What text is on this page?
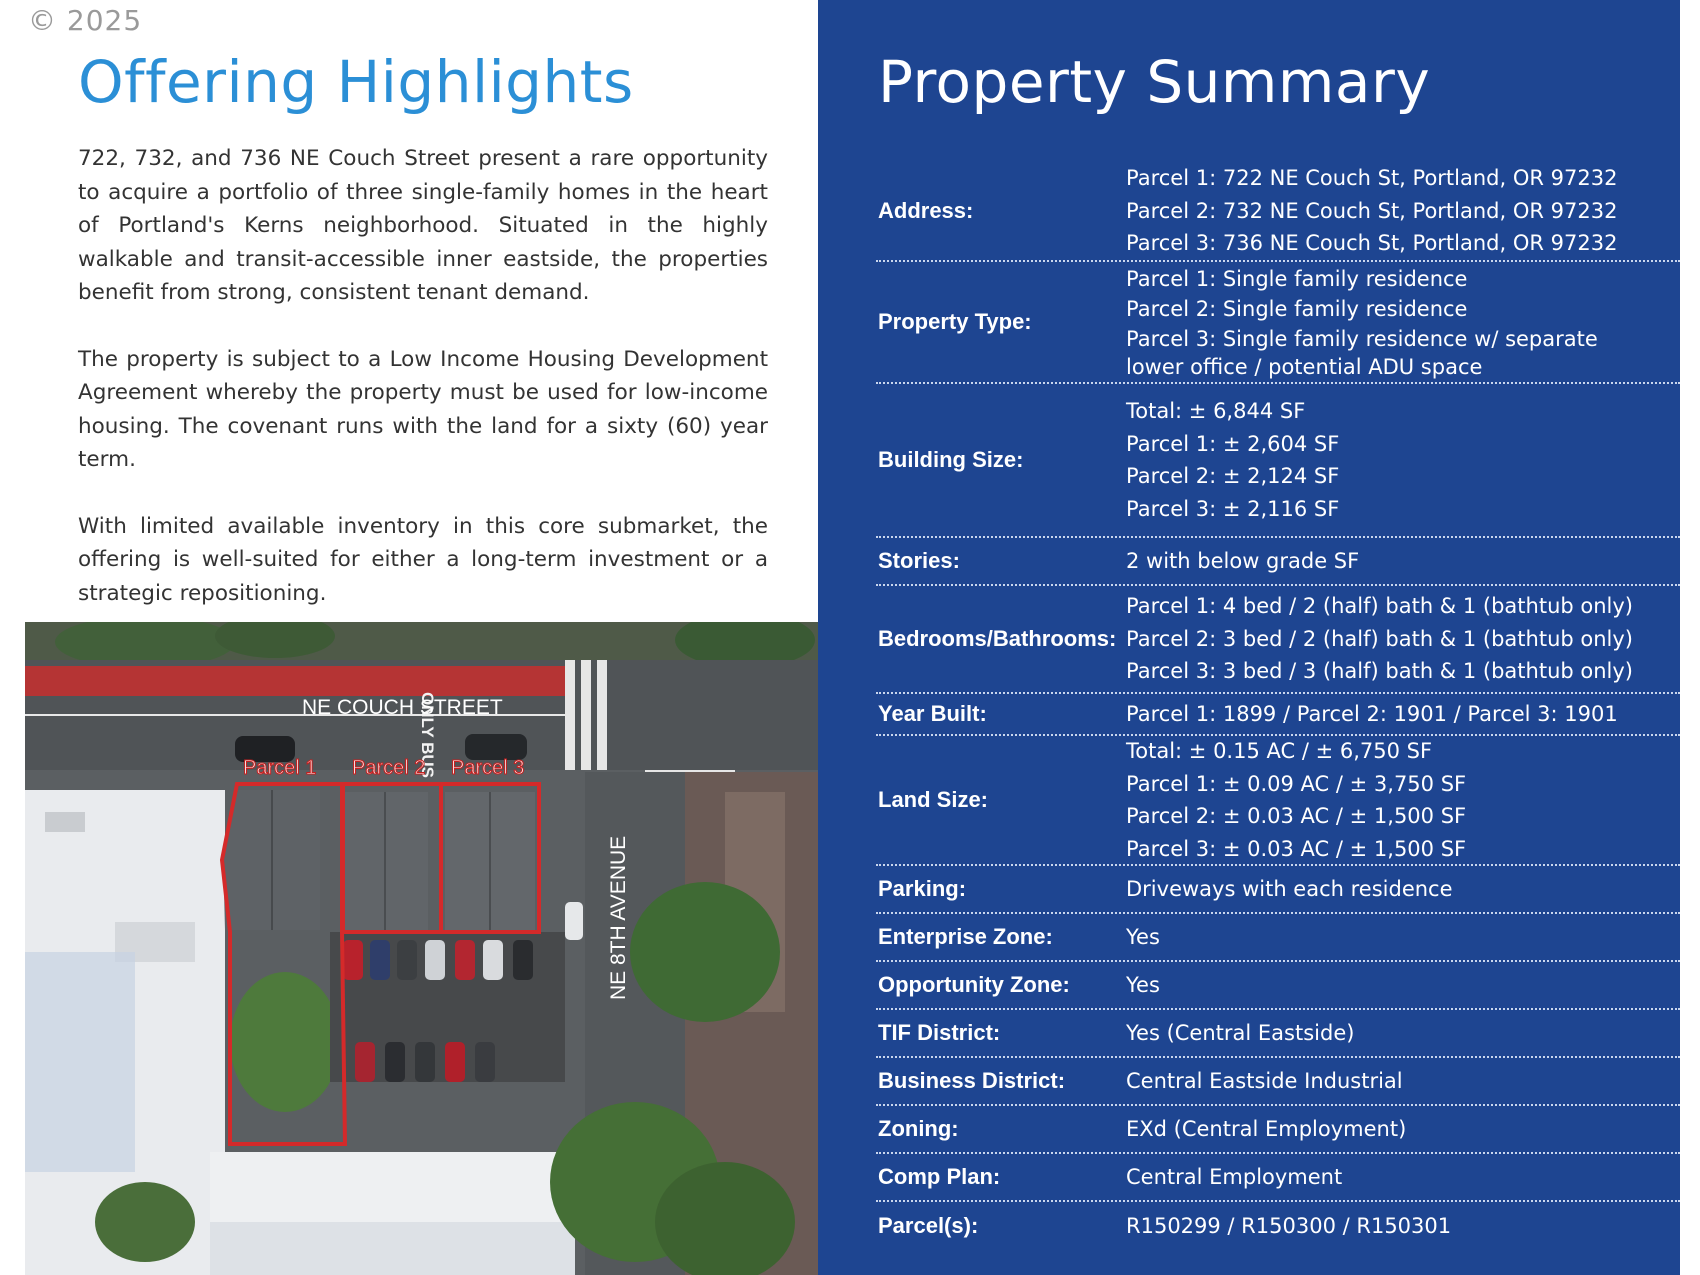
© 2025
Offering Highlights

722, 732, and 736 NE Couch Street present a rare opportunity to acquire a portfolio of three single-family homes in the heart of Portland's Kerns neighborhood. Situated in the highly walkable and transit-accessible inner eastside, the properties benefit from strong, consistent tenant demand.

The property is subject to a Low Income Housing Development Agreement whereby the property must be used for low-income housing. The covenant runs with the land for a sixty (60) year term.

With limited available inventory in this core submarket, the offering is well-suited for either a long-term investment or a strategic repositioning.

ONLY BUS
NE COUCH STREET
Parcel 1 Parcel 2 Parcel 3
NE 8TH AVENUE
Property Summary
Address:
Parcel 1: 722 NE Couch St, Portland, OR 97232
Parcel 2: 732 NE Couch St, Portland, OR 97232
Parcel 3: 736 NE Couch St, Portland, OR 97232
Property Type:
Parcel 1: Single family residence
Parcel 2: Single family residence
Parcel 3: Single family residence w/ separate
lower office / potential ADU space
Building Size:
Total: ± 6,844 SF
Parcel 1: ± 2,604 SF
Parcel 2: ± 2,124 SF
Parcel 3: ± 2,116 SF
Stories:	2 with below grade SF
Bedrooms/Bathrooms:
Parcel 1: 4 bed / 2 (half) bath & 1 (bathtub only)
Parcel 2: 3 bed / 2 (half) bath & 1 (bathtub only)
Parcel 3: 3 bed / 3 (half) bath & 1 (bathtub only)
Year Built:	Parcel 1: 1899 / Parcel 2: 1901 / Parcel 3: 1901
Land Size:
Total: ± 0.15 AC / ± 6,750 SF
Parcel 1: ± 0.09 AC / ± 3,750 SF
Parcel 2: ± 0.03 AC / ± 1,500 SF
Parcel 3: ± 0.03 AC / ± 1,500 SF
Parking:	Driveways with each residence
Enterprise Zone:	Yes
Opportunity Zone:	Yes
TIF District:	Yes (Central Eastside)
Business District:	Central Eastside Industrial
Zoning:	EXd (Central Employment)
Comp Plan:	Central Employment
Parcel(s):	R150299 / R150300 / R150301
